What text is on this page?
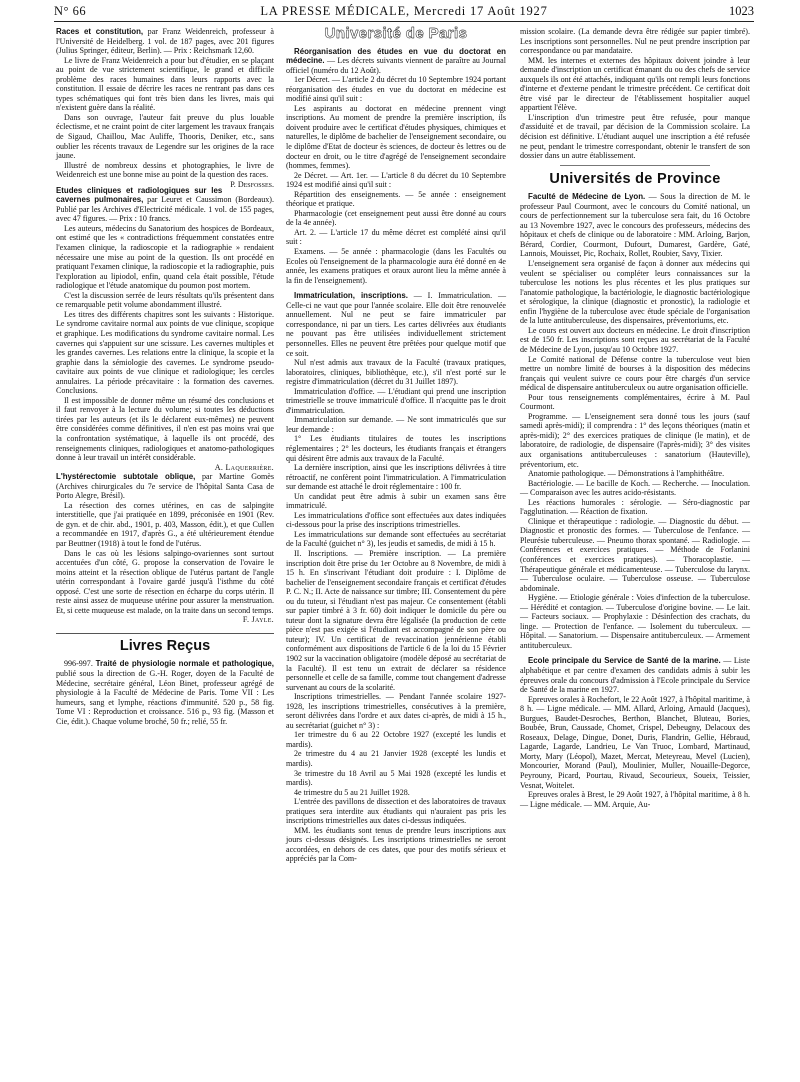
N° 66	LA PRESSE MÉDICALE, Mercredi 17 Août 1927	1023

Races et constitution, par Franz Weidenreich, professeur à l'Université de Heidelberg. 1 vol. de 187 pages, avec 201 figures (Julius Springer, éditeur, Berlin). — Prix : Reichsmark 12,60.

Le livre de Franz Weidenreich a pour but d'étudier, en se plaçant au point de vue strictement scientifique, le grand et difficile problème des races humaines dans leurs rapports avec la constitution. Il essaie de décrire les races ne rentrant pas dans ces types schématiques qui font très bien dans les livres, mais qui n'existent guère dans la réalité.

Dans son ouvrage, l'auteur fait preuve du plus louable éclectisme, et ne craint point de citer largement les travaux français de Sigaud, Chaillou, Mac Auliffe, Thooris, Deniker, etc., sans oublier les récents travaux de Legendre sur les origines de la race jaune.

Illustré de nombreux dessins et photographies, le livre de Weidenreich est une bonne mise au point de la question des races.
P. Desfosses.

Etudes cliniques et radiologiques sur les cavernes pulmonaires, par Leuret et Caussimon (Bordeaux). Publié par les Archives d'Electricité médicale. 1 vol. de 155 pages, avec 47 figures. — Prix : 10 francs.

Les auteurs, médecins du Sanatorium des hospices de Bordeaux, ont estimé que les « contradictions fréquemment constatées entre l'examen clinique, la radioscopie et la radiographie » rendaient nécessaire une mise au point de la question. Ils ont procédé en pratiquant l'examen clinique, la radioscopie et la radiographie, puis l'exploration au lipiodol, enfin, quand cela était possible, l'étude radiologique et l'étude anatomique du poumon post mortem.

C'est la discussion serrée de leurs résultats qu'ils présentent dans ce remarquable petit volume abondamment illustré.

Les titres des différents chapitres sont les suivants : Historique. Le syndrome cavitaire normal aux points de vue clinique, scopique et graphique. Les modifications du syndrome cavitaire normal. Les cavernes qui s'appuient sur une scissure. Les cavernes multiples et les grandes cavernes. Les relations entre la clinique, la scopie et la graphie dans la sémiologie des cavernes. Le syndrome pseudo-cavitaire aux points de vue clinique et radiologique; les cercles annulaires. La période précavitaire : la formation des cavernes. Conclusions.

Il est impossible de donner même un résumé des conclusions et il faut renvoyer à la lecture du volume; si toutes les déductions tirées par les auteurs (et ils le déclarent eux-mêmes) ne peuvent être considérées comme définitives, il n'en est pas moins vrai que la confrontation systématique, à laquelle ils ont procédé, des renseignements cliniques, radiologiques et anatomo-pathologiques donne à leur travail un intérêt considérable.

A. Laquerrière.

L'hystérectomie subtotale oblique, par Martine Gomès (Archives chirurgicales du 7e service de l'hôpital Santa Casa de Porto Alegre, Brésil).

La résection des cornes utérines, en cas de salpingite interstitielle, que j'ai pratiquée en 1899, préconisée en 1901 (Rev. de gyn. et de chir. abd., 1901, p. 403, Masson, édit.), et que Cullen a recommandée en 1917, d'après G., a été ultérieurement étendue par Beuttner (1918) à tout le fond de l'utérus.

Dans le cas où les lésions salpingo-ovariennes sont surtout accentuées d'un côté, G. propose la conservation de l'ovaire le moins atteint et la résection oblique de l'utérus partant de l'angle utérin correspondant à l'ovaire gardé jusqu'à l'isthme du côté opposé. C'est une sorte de résection en écharpe du corps utérin. Il reste ainsi assez de muqueuse utérine pour assurer la menstruation. Et, si cette muqueuse est malade, on la traite dans un second temps.

F. Jayle.

Livres Reçus

996-997. Traité de physiologie normale et pathologique, publié sous la direction de G.-H. Roger, doyen de la Faculté de Médecine, secrétaire général, Léon Binet, professeur agrégé de physiologie à la Faculté de Médecine de Paris. Tome VII : Les humeurs, sang et lymphe, réactions d'immunité. 520 p., 58 fig. Tome VI : Reproduction et croissance. 516 p., 93 fig. (Masson et Cie, édit.). Chaque volume broché, 50 fr.; relié, 55 fr.

Université de Paris

Réorganisation des études en vue du doctorat en médecine. — Les décrets suivants viennent de paraître au Journal officiel (numéro du 12 Août).

1er Décret. — L'article 2 du décret du 10 Septembre 1924 portant réorganisation des études en vue du doctorat en médecine est modifié ainsi qu'il suit :

Les aspirants au doctorat en médecine prennent vingt inscriptions. Au moment de prendre la première inscription, ils doivent produire avec le certificat d'études physiques, chimiques et naturelles, le diplôme de bachelier de l'enseignement secondaire, ou le diplôme d'Etat de docteur ès sciences, de docteur ès lettres ou de docteur en droit, ou le titre d'agrégé de l'enseignement secondaire (hommes, femmes).

2e Décret. — Art. 1er. — L'article 8 du décret du 10 Septembre 1924 est modifié ainsi qu'il suit :

Répartition des enseignements. — 5e année : enseignement théorique et pratique.

Pharmacologie (cet enseignement peut aussi être donné au cours de la 4e année).

Art. 2. — L'article 17 du même décret est complété ainsi qu'il suit :

Examens. — 5e année : pharmacologie (dans les Facultés ou Ecoles où l'enseignement de la pharmacologie aura été donné en 4e année, les examens pratiques et oraux auront lieu la même année à la fin de l'enseignement).

Immatriculation, inscriptions. — I. Immatriculation. — Celle-ci ne vaut que pour l'année scolaire. Elle doit être renouvelée annuellement. Nul ne peut se faire immatriculer par correspondance, ni par un tiers. Les cartes délivrées aux étudiants ne pouvant pas être utilisées individuellement strictement personnelles. Elles ne peuvent être prêtées pour quelque motif que ce soit.

Nul n'est admis aux travaux de la Faculté (travaux pratiques, laboratoires, cliniques, bibliothèque, etc.), s'il n'est porté sur le registre d'immatriculation (décret du 31 Juillet 1897).

Immatriculation d'office. — L'étudiant qui prend une inscription trimestrielle se trouve immatriculé d'office. Il n'acquitte pas le droit d'immatriculation.

Immatriculation sur demande. — Ne sont immatriculés que sur leur demande :

1° Les étudiants titulaires de toutes les inscriptions réglementaires ; 2° les docteurs, les étudiants français et étrangers qui désirent être admis aux travaux de la Faculté.

La dernière inscription, ainsi que les inscriptions délivrées à titre rétroactif, ne confèrent point l'immatriculation. A l'immatriculation sur demande est attaché le droit réglementaire : 100 fr.

Un candidat peut être admis à subir un examen sans être immatriculé.

Les immatriculations d'office sont effectuées aux dates indiquées ci-dessous pour la prise des inscriptions trimestrielles.

Les immatriculations sur demande sont effectuées au secrétariat de la Faculté (guichet n° 3), les jeudis et samedis, de midi à 15 h.

II. Inscriptions. — Première inscription. — La première inscription doit être prise du 1er Octobre au 8 Novembre, de midi à 15 h. En s'inscrivant l'étudiant doit produire : I. Diplôme de bachelier de l'enseignement secondaire français et certificat d'études P. C. N.; II. Acte de naissance sur timbre; III. Consentement du père ou du tuteur, si l'étudiant n'est pas majeur. Ce consentement (établi sur papier timbré à 3 fr. 60) doit indiquer le domicile du père ou tuteur dont la signature devra être légalisée (la production de cette pièce n'est pas exigée si l'étudiant est accompagné de son père ou tuteur); IV. Un certificat de revaccination jennérienne établi conformément aux dispositions de l'article 6 de la loi du 15 Février 1902 sur la vaccination obligatoire (modèle déposé au secrétariat de la Faculté). Il est tenu un extrait de déclarer sa résidence personnelle et celle de sa famille, comme tout changement d'adresse survenant au cours de la scolarité.

Inscriptions trimestrielles. — Pendant l'année scolaire 1927-1928, les inscriptions trimestrielles, consécutives à la première, seront délivrées dans l'ordre et aux dates ci-après, de midi à 15 h., au secrétariat (guichet n° 3) :

1er trimestre du 6 au 22 Octobre 1927 (excepté les lundis et mardis).

2e trimestre du 4 au 21 Janvier 1928 (excepté les lundis et mardis).

3e trimestre du 18 Avril au 5 Mai 1928 (excepté les lundis et mardis).

4e trimestre du 5 au 21 Juillet 1928.

L'entrée des pavillons de dissection et des laboratoires de travaux pratiques sera interdite aux étudiants qui n'auraient pas pris les inscriptions trimestrielles aux dates ci-dessus indiquées.

MM. les étudiants sont tenus de prendre leurs inscriptions aux jours ci-dessus désignés. Les inscriptions trimestrielles ne seront accordées, en dehors de ces dates, que pour des motifs sérieux et appréciés par la Com-

mission scolaire. (La demande devra être rédigée sur papier timbré). Les inscriptions sont personnelles. Nul ne peut prendre inscription par correspondance ou par mandataire.

MM. les internes et externes des hôpitaux doivent joindre à leur demande d'inscription un certificat émanant du ou des chefs de service auxquels ils ont été attachés, indiquant qu'ils ont rempli leurs fonctions d'interne et d'externe pendant le trimestre précédent. Ce certificat doit être visé par le directeur de l'établissement hospitalier auquel appartient l'élève.

L'inscription d'un trimestre peut être refusée, pour manque d'assiduité et de travail, par décision de la Commission scolaire. La décision est définitive. L'étudiant auquel une inscription a été refusée ne peut, pendant le trimestre correspondant, obtenir le transfert de son dossier dans un autre établissement.

Universités de Province

Faculté de Médecine de Lyon. — Sous la direction de M. le professeur Paul Courmont, avec le concours du Comité national, un cours de perfectionnement sur la tuberculose sera fait, du 16 Octobre au 13 Novembre 1927, avec le concours des professeurs, médecins des hôpitaux et chefs de clinique ou de laboratoire : MM. Arloing, Barjon, Bérard, Cordier, Courmont, Dufourt, Dumarest, Gardère, Gaté, Lannois, Mouisset, Pic, Rochaix, Rollet, Roubier, Savy, Tixier.

L'enseignement sera organisé de façon à donner aux médecins qui veulent se spécialiser ou compléter leurs connaissances sur la tuberculose les notions les plus récentes et les plus pratiques sur l'anatomie pathologique, la bactériologie, le diagnostic bactériologique et sérologique, la clinique (diagnostic et pronostic), la radiologie et enfin l'hygiène de la tuberculose avec étude spéciale de l'organisation de la lutte antituberculeuse, des dispensaires, préventoriums, etc.

Le cours est ouvert aux docteurs en médecine. Le droit d'inscription est de 150 fr. Les inscriptions sont reçues au secrétariat de la Faculté de Médecine de Lyon, jusqu'au 10 Octobre 1927.

Le Comité national de Défense contre la tuberculose veut bien mettre un nombre limité de bourses à la disposition des médecins français qui veulent suivre ce cours pour être chargés d'un service médical de dispensaire antituberculeux ou autre organisation officielle.

Pour tous renseignements complémentaires, écrire à M. Paul Courmont.

Programme. — L'enseignement sera donné tous les jours (sauf samedi après-midi); il comprendra : 1° des leçons théoriques (matin et après-midi); 2° des exercices pratiques de clinique (le matin), et de laboratoire, de radiologie, de dispensaire (l'après-midi); 3° des visites aux organisations antituberculeuses : sanatorium (Hauteville), préventorium, etc.

Anatomie pathologique. — Démonstrations à l'amphithéâtre.

Bactériologie. — Le bacille de Koch. — Recherche. — Inoculation. — Comparaison avec les autres acido-résistants.

Les réactions humorales : sérologie. — Séro-diagnostic par l'agglutination. — Réaction de fixation.

Clinique et thérapeutique : radiologie. — Diagnostic du début. — Diagnostic et pronostic des formes. — Tuberculose de l'enfance. — Pleurésie tuberculeuse. — Pneumo thorax spontané. — Radiologie. — Conférences et exercices pratiques. — Méthode de Forlanini (conférences et exercices pratiques). — Thoracoplastie. — Thérapeutique générale et médicamenteuse. — Tuberculose du larynx. — Tuberculose oculaire. — Tuberculose osseuse. — Tuberculose abdominale.

Hygiène. — Etiologie générale : Voies d'infection de la tuberculose. — Hérédité et contagion. — Tuberculose d'origine bovine. — Le lait. — Facteurs sociaux. — Prophylaxie : Désinfection des crachats, du linge. — Protection de l'enfance. — Isolement du tuberculeux. — Hôpital. — Sanatorium. — Dispensaire antituberculeux. — Armement antituberculeux.

Ecole principale du Service de Santé de la marine. — Liste alphabétique et par centre d'examen des candidats admis à subir les épreuves orale du concours d'admission à l'Ecole principale du Service de Santé de la marine en 1927.

Epreuves orales à Rochefort, le 22 Août 1927, à l'hôpital maritime, à 8 h. — Ligne médicale. — MM. Allard, Arloing, Arnauld (Jacques), Burgues, Baudet-Desroches, Berthon, Blanchet, Bluteau, Bories, Boubée, Brun, Caussade, Chomet, Crispel, Debeugny, Delacoux des Roseaux, Delage, Dingue, Donet, Duris, Flandrin, Gellie, Hébraud, Lagarde, Lagarde, Landrieu, Le Van Truoc, Lombard, Martinaud, Morty, Mary (Léopol), Mazet, Mercat, Meteyreau, Mevel (Lucien), Moncourier, Morand (Paul), Moulinier, Muller, Nouaille-Degorce, Peyrouny, Picard, Pourtau, Rivaud, Secourieux, Soueix, Teissier, Vesnat, Woitelet.

Epreuves orales à Brest, le 29 Août 1927, à l'hôpital maritime, à 8 h. — Ligne médicale. — MM. Arquie, Au-
